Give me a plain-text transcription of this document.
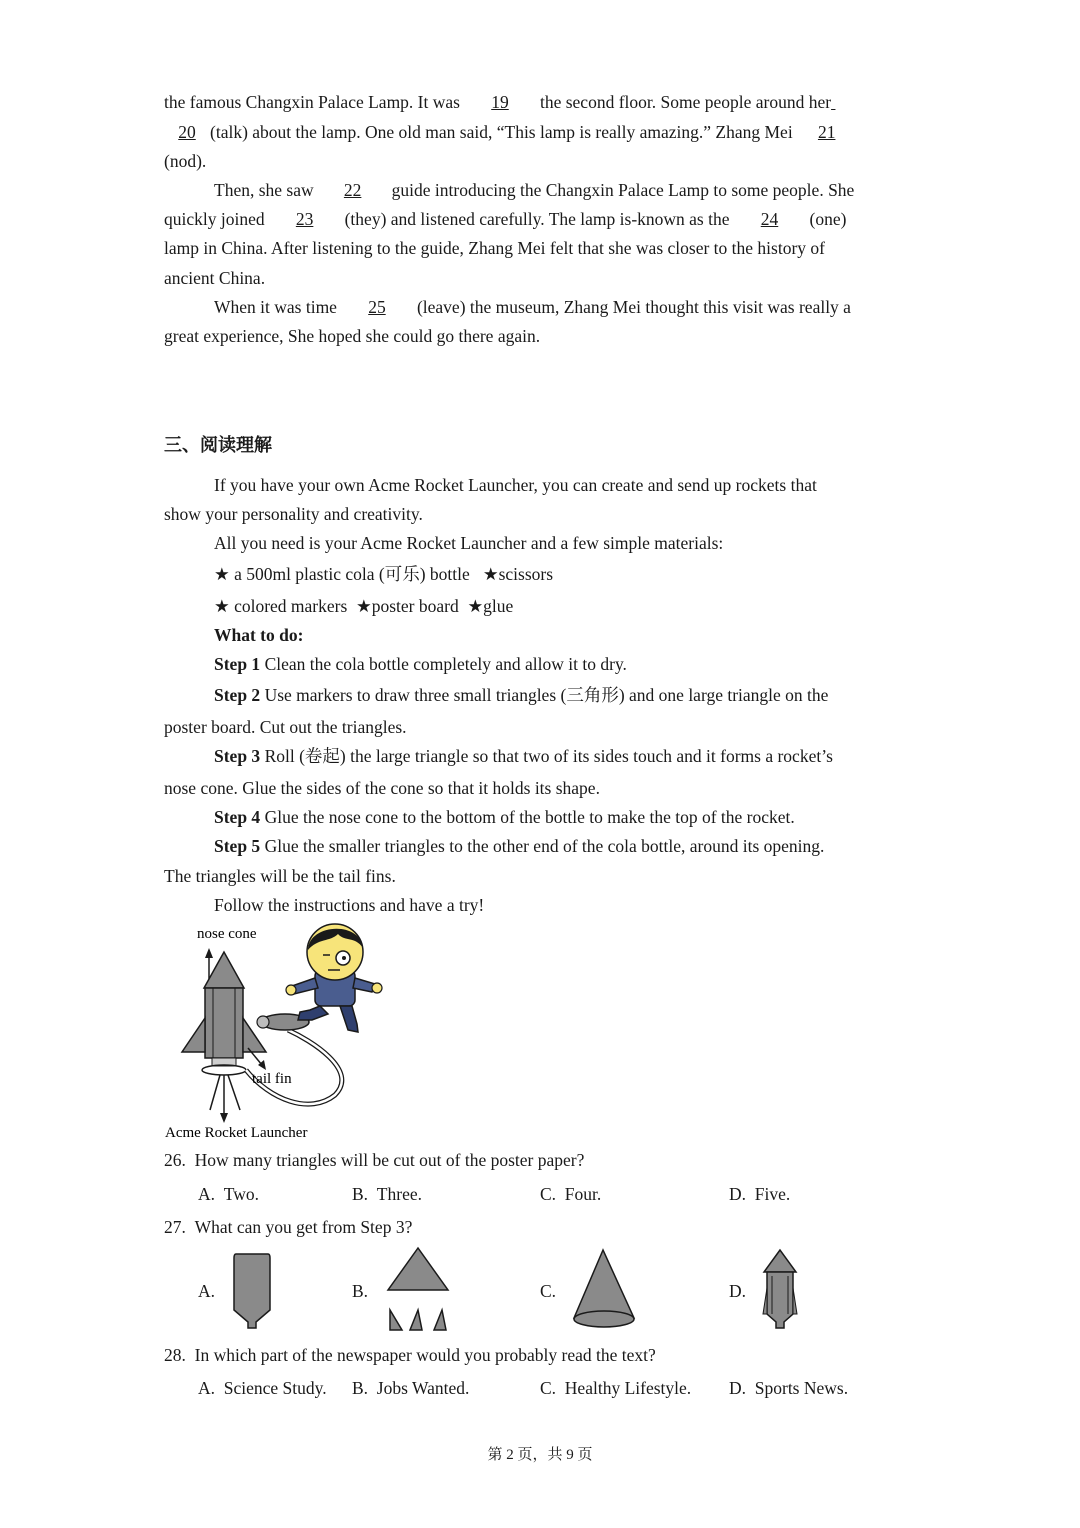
the famous Changxin Palace Lamp. It was 19 the second floor. Some people around her
20 (talk) about the lamp. One old man said, “This lamp is really amazing.” Zhang Mei 21
(nod).
Then, she saw 22 guide introducing the Changxin Palace Lamp to some people. She
quickly joined 23 (they) and listened carefully. The lamp is-known as the 24 (one)
lamp in China. After listening to the guide, Zhang Mei felt that she was closer to the history of
ancient China.
When it was time 25 (leave) the museum, Zhang Mei thought this visit was really a
great experience, She hoped she could go there again.
三、阅读理解
If you have your own Acme Rocket Launcher, you can create and send up rockets that
show your personality and creativity.
All you need is your Acme Rocket Launcher and a few simple materials:
★ a 500ml plastic cola (可乐) bottle   ★scissors
★ colored markers  ★poster board  ★glue
What to do:
Step 1 Clean the cola bottle completely and allow it to dry.
Step 2 Use markers to draw three small triangles (三角形) and one large triangle on the
poster board. Cut out the triangles.
Step 3 Roll (卷起) the large triangle so that two of its sides touch and it forms a rocket’s
nose cone. Glue the sides of the cone so that it holds its shape.
Step 4 Glue the nose cone to the bottom of the bottle to make the top of the rocket.
Step 5 Glue the smaller triangles to the other end of the cola bottle, around its opening.
The triangles will be the tail fins.
Follow the instructions and have a try!
nose cone
tail fin
Acme Rocket Launcher
26.  How many triangles will be cut out of the poster paper?
A.  Two.	B.  Three.	C.  Four.	D.  Five.
27.  What can you get from Step 3?
A.	B.	C.	D.
28.  In which part of the newspaper would you probably read the text?
A.  Science Study. B.  Jobs Wanted.	C.  Healthy Lifestyle. D.  Sports News.
第 2 页，共 9 页
